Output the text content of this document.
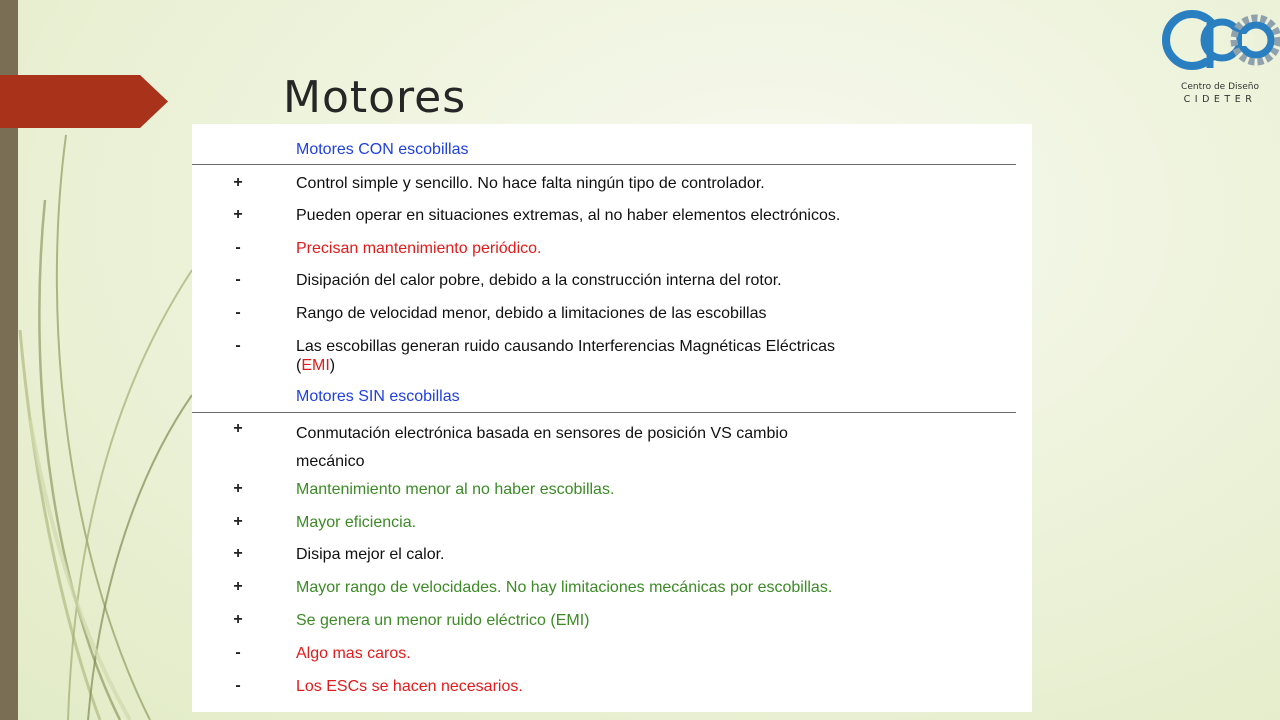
Motores	Centro de Diseño
CIDETER
Motores CON escobillas
+	Control simple y sencillo. No hace falta ningún tipo de controlador.
+	Pueden operar en situaciones extremas, al no haber elementos electrónicos.
-	Precisan mantenimiento periódico.
-	Disipación del calor pobre, debido a la construcción interna del rotor.
-	Rango de velocidad menor, debido a limitaciones de las escobillas
-	Las escobillas generan ruido causando Interferencias Magnéticas Eléctricas
(EMI)
Motores SIN escobillas
+	Conmutación electrónica basada en sensores de posición VS cambio
mecánico
+	Mantenimiento menor al no haber escobillas.
+	Mayor eficiencia.
+	Disipa mejor el calor.
+	Mayor rango de velocidades. No hay limitaciones mecánicas por escobillas.
+	Se genera un menor ruido eléctrico (EMI)
-	Algo mas caros.
-	Los ESCs se hacen necesarios.
